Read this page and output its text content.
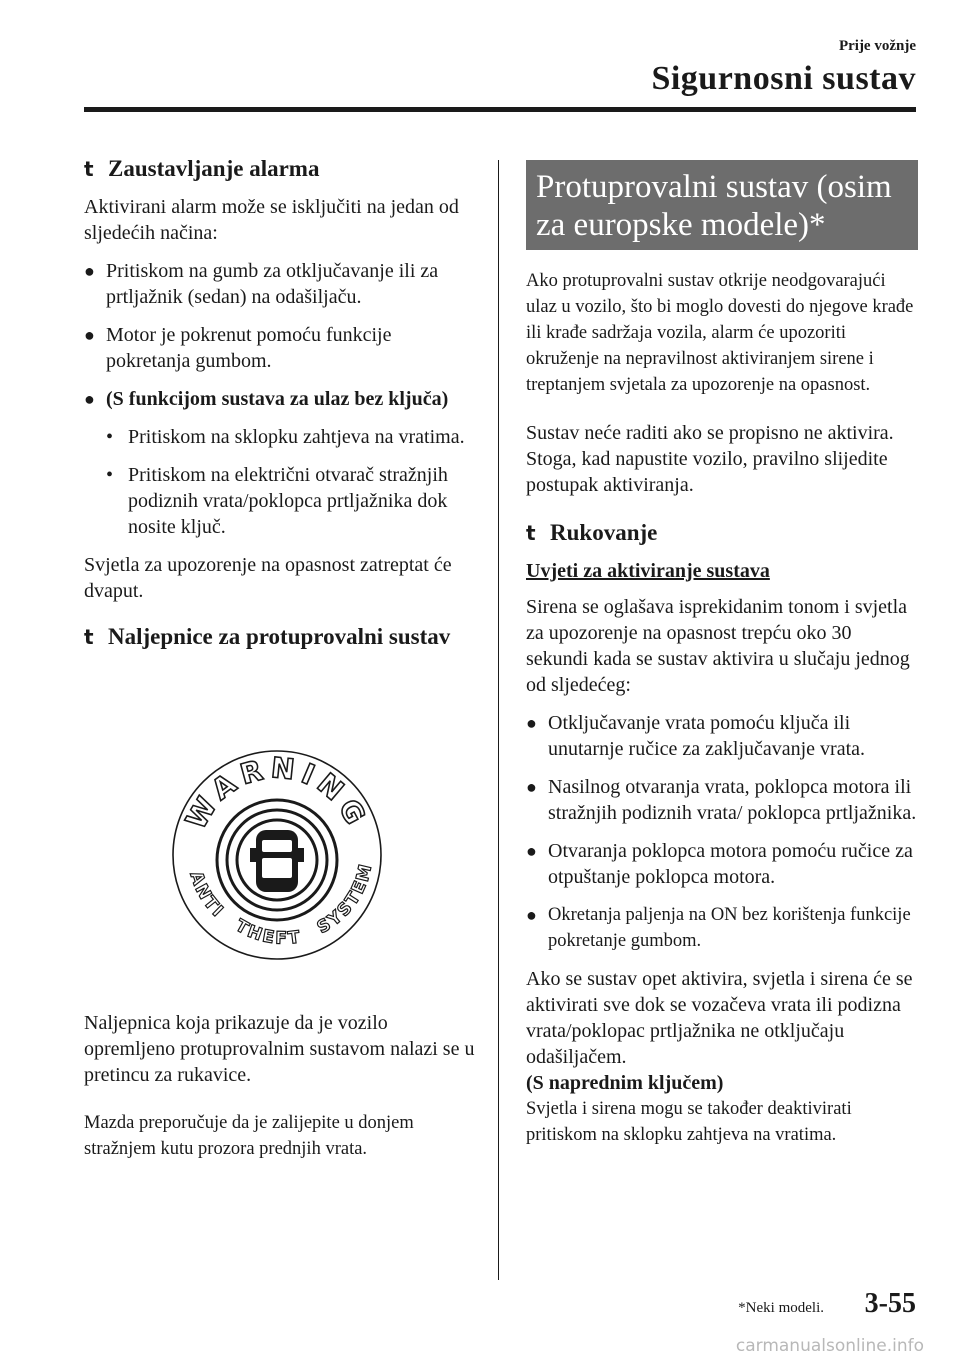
Prije vožnje
Sigurnosni sustav
t Zaustavljanje alarma

Aktivirani alarm može se isključiti na jedan od sljedećih načina:

● Pritiskom na gumb za otključavanje ili za prtljažnik (sedan) na odašiljaču.
● Motor je pokrenut pomoću funkcije pokretanja gumbom.
● (S funkcijom sustava za ulaz bez ključa)
• Pritiskom na sklopku zahtjeva na vratima.
• Pritiskom na električni otvarač stražnjih podiznih vrata/poklopca prtljažnika dok nosite ključ.

Svjetla za upozorenje na opasnost zatreptat će dvaput.

t Naljepnice za protuprovalni sustav
WARNING
ANTI
THEFT
SYSTEM

Naljepnica koja prikazuje da je vozilo opremljeno protuprovalnim sustavom nalazi se u pretincu za rukavice.

Mazda preporučuje da je zalijepite u donjem stražnjem kutu prozora prednjih vrata.

Protuprovalni sustav (osim za europske modele)*

Ako protuprovalni sustav otkrije neodgovarajući ulaz u vozilo, što bi moglo dovesti do njegove krađe ili krađe sadržaja vozila, alarm će upozoriti okruženje na nepravilnost aktiviranjem sirene i treptanjem svjetala za upozorenje na opasnost.

Sustav neće raditi ako se propisno ne aktivira. Stoga, kad napustite vozilo, pravilno slijedite postupak aktiviranja.

t Rukovanje
Uvjeti za aktiviranje sustava

Sirena se oglašava isprekidanim tonom i svjetla za upozorenje na opasnost trepću oko 30 sekundi kada se sustav aktivira u slučaju jednog od sljedećeg:

● Otključavanje vrata pomoću ključa ili unutarnje ručice za zaključavanje vrata.
● Nasilnog otvaranja vrata, poklopca motora ili stražnjih podiznih vrata/ poklopca prtljažnika.
● Otvaranja poklopca motora pomoću ručice za otpuštanje poklopca motora.
● Okretanja paljenja na ON bez korištenja funkcije pokretanje gumbom.

Ako se sustav opet aktivira, svjetla i sirena će se aktivirati sve dok se vozačeva vrata ili podizna vrata/poklopac prtljažnika ne otključaju odašiljačem.

(S naprednim ključem)

Svjetla i sirena mogu se također deaktivirati pritiskom na sklopku zahtjeva na vratima.

*Neki modeli. 3-55
carmanualsonline.info
